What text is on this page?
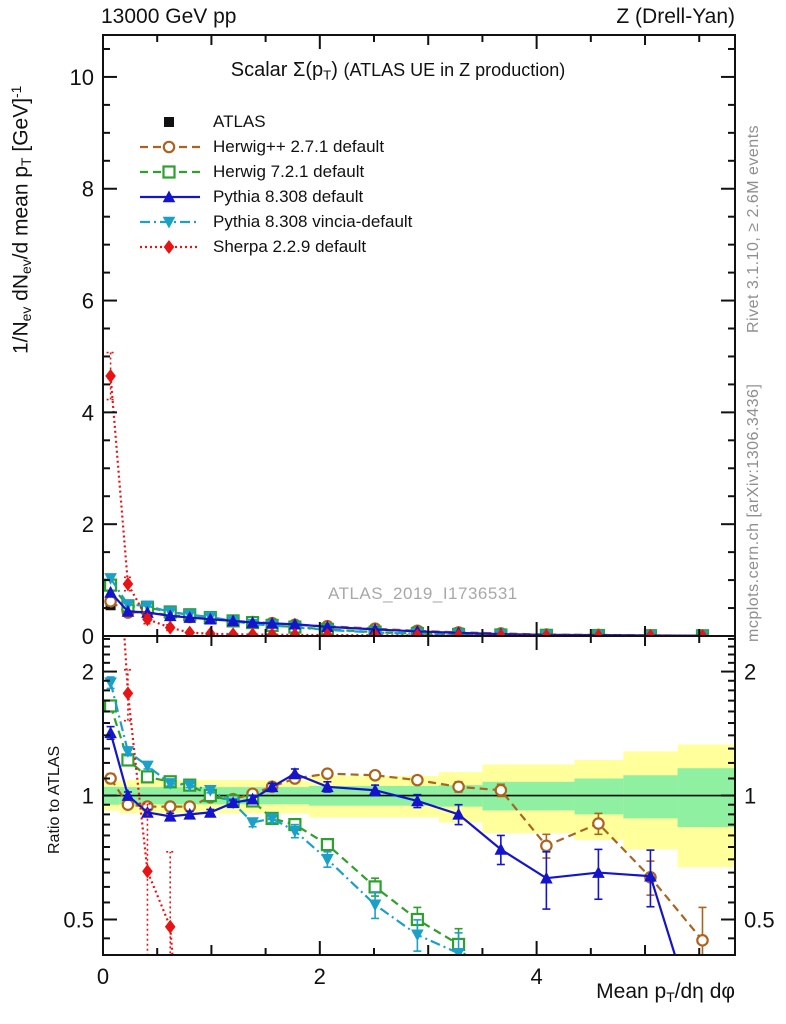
0
2
4
6
8
10
0.5	0.5
1	1
2	2
0	2	4
13000 GeV pp	Z (Drell-Yan)
Scalar Σ(pT) (ATLAS UE in Z production)
ATLAS
Herwig++ 2.7.1 default
Herwig 7.2.1 default
Pythia 8.308 default
Pythia 8.308 vincia-default
Sherpa 2.2.9 default
ATLAS_2019_I1736531
1/Nev dNev/d mean pT [GeV]$^{-1}$
Ratio to ATLAS
Mean pT/dη dφ
Rivet 3.1.10, ≥ 2.6M events
mcplots.cern.ch [arXiv:1306.3436]
